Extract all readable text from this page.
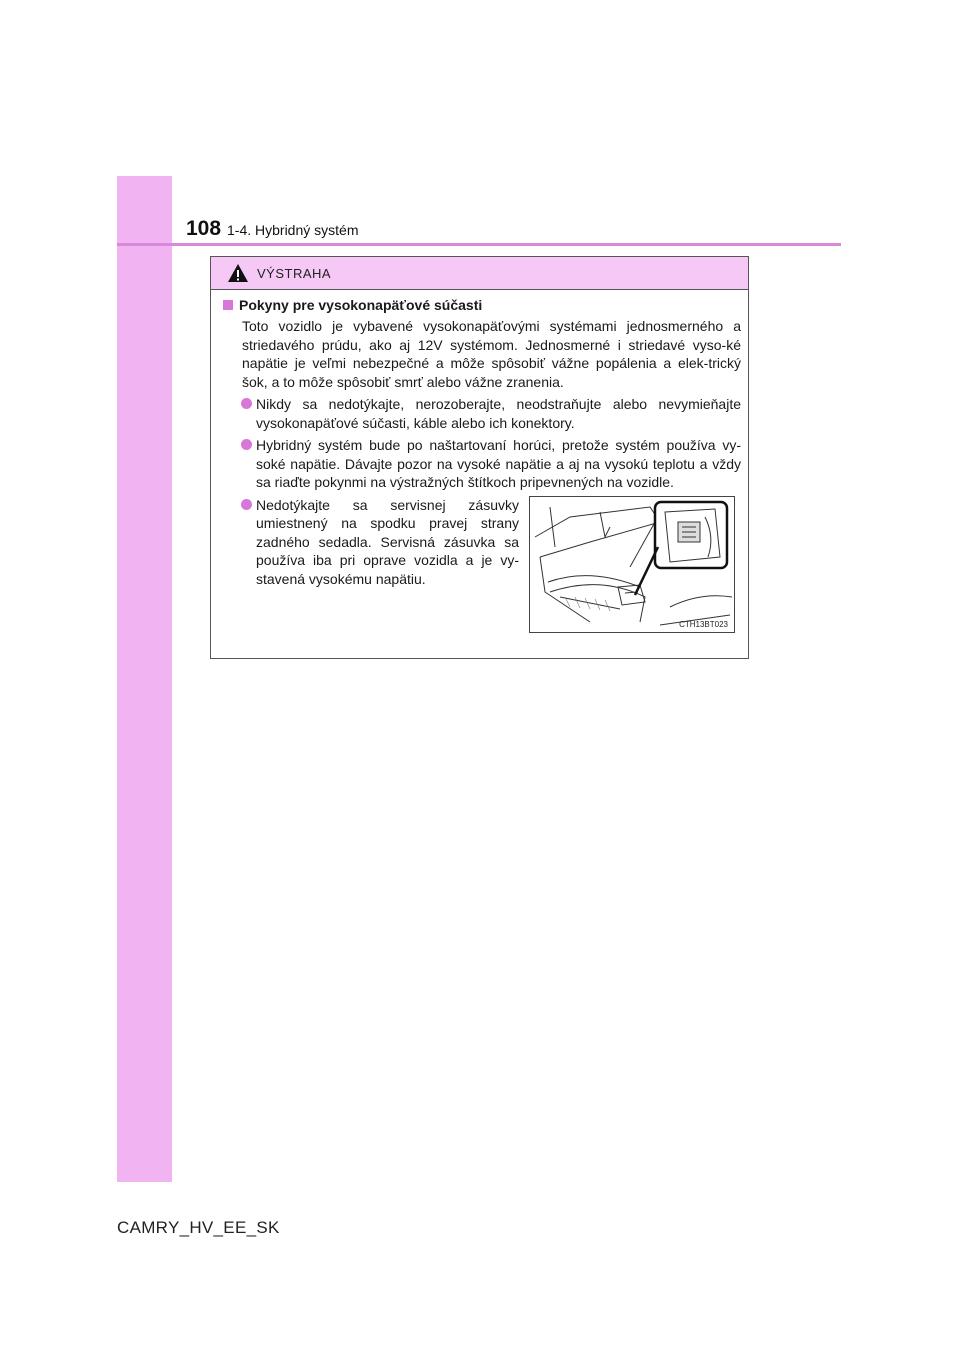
108 1-4. Hybridný systém
VÝSTRAHA
Pokyny pre vysokonapäťové súčasti

Toto vozidlo je vybavené vysokonapäťovými systémami jednosmerného a striedavého prúdu, ako aj 12V systémom. Jednosmerné i striedavé vyso-ké napätie je veľmi nebezpečné a môže spôsobiť vážne popálenia a elek-trický šok, a to môže spôsobiť smrť alebo vážne zranenia.

Nikdy sa nedotýkajte, nerozoberajte, neodstraňujte alebo nevymieňajte vysokonapäťové súčasti, káble alebo ich konektory.
Hybridný systém bude po naštartovaní horúci, pretože systém používa vy-soké napätie. Dávajte pozor na vysoké napätie a aj na vysokú teplotu a vždy sa riaďte pokynmi na výstražných štítkoch pripevnených na vozidle.
Nedotýkajte sa servisnej zásuvky umiestnený na spodku pravej strany zadného sedadla. Servisná zásuvka sa používa iba pri oprave vozidla a je vy-stavená vysokému napätiu.
CTH13BT023
CAMRY_HV_EE_SK
